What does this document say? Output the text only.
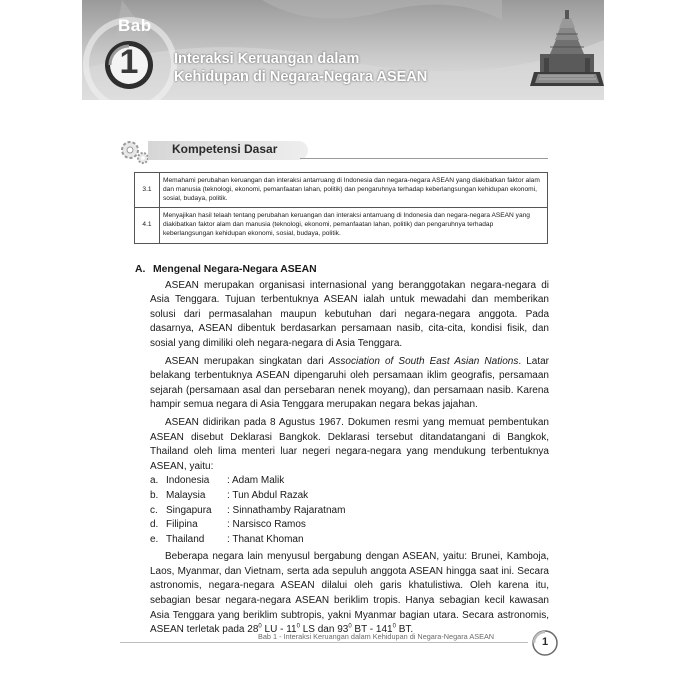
Bab
1	Interaksi Keruangan dalam
Kehidupan di Negara-Negara ASEAN
Kompetensi Dasar
3.1	Memahami perubahan keruangan dan interaksi antarruang di Indonesia dan negara-negara ASEAN yang diakibatkan faktor alam dan manusia (teknologi, ekonomi, pemanfaatan lahan, politik) dan pengaruhnya terhadap keberlangsungan kehidupan ekonomi, sosial, budaya, politik.
4.1	Menyajikan hasil telaah tentang perubahan keruangan dan interaksi antarruang di Indonesia dan negara-negara ASEAN yang diakibatkan faktor alam dan manusia (teknologi, ekonomi, pemanfaatan lahan, politik) dan pengaruhnya terhadap keberlangsungan kehidupan ekonomi, sosial, budaya, politik.
A. Mengenal Negara-Negara ASEAN
ASEAN merupakan organisasi internasional yang beranggotakan negara-negara di Asia Tenggara. Tujuan terbentuknya ASEAN ialah untuk mewadahi dan memberikan solusi dari permasalahan maupun kebutuhan dari negara-negara anggota. Pada dasarnya, ASEAN dibentuk berdasarkan persamaan nasib, cita-cita, kondisi fisik, dan sosial yang dimiliki oleh negara-negara di Asia Tenggara.
ASEAN merupakan singkatan dari Association of South East Asian Nations. Latar belakang terbentuknya ASEAN dipengaruhi oleh persamaan iklim geografis, persamaan sejarah (persamaan asal dan persebaran nenek moyang), dan persamaan nasib. Karena hampir semua negara di Asia Tenggara merupakan negara bekas jajahan.
ASEAN didirikan pada 8 Agustus 1967. Dokumen resmi yang memuat pembentukan ASEAN disebut Deklarasi Bangkok. Deklarasi tersebut ditandatangani di Bangkok, Thailand oleh lima menteri luar negeri negara-negara yang mendukung terbentuknya ASEAN, yaitu:
a. Indonesia : Adam Malik
b. Malaysia : Tun Abdul Razak
c. Singapura : Sinnathamby Rajaratnam
d. Filipina	: Narsisco Ramos
e. Thailand : Thanat Khoman
Beberapa negara lain menyusul bergabung dengan ASEAN, yaitu: Brunei, Kamboja, Laos, Myanmar, dan Vietnam, serta ada sepuluh anggota ASEAN hingga saat ini. Secara astronomis, negara-negara ASEAN dilalui oleh garis khatulistiwa. Oleh karena itu, sebagian besar negara-negara ASEAN beriklim tropis. Hanya sebagian kecil kawasan Asia Tenggara yang beriklim subtropis, yakni Myanmar bagian utara. Secara astronomis, ASEAN terletak pada $28^0$ LU - $11^0$ LS dan $93^0$ BT - $141^0$ BT.
Bab 1 - Interaksi Keruangan dalam Kehidupan di Negara-Negara ASEAN	1
